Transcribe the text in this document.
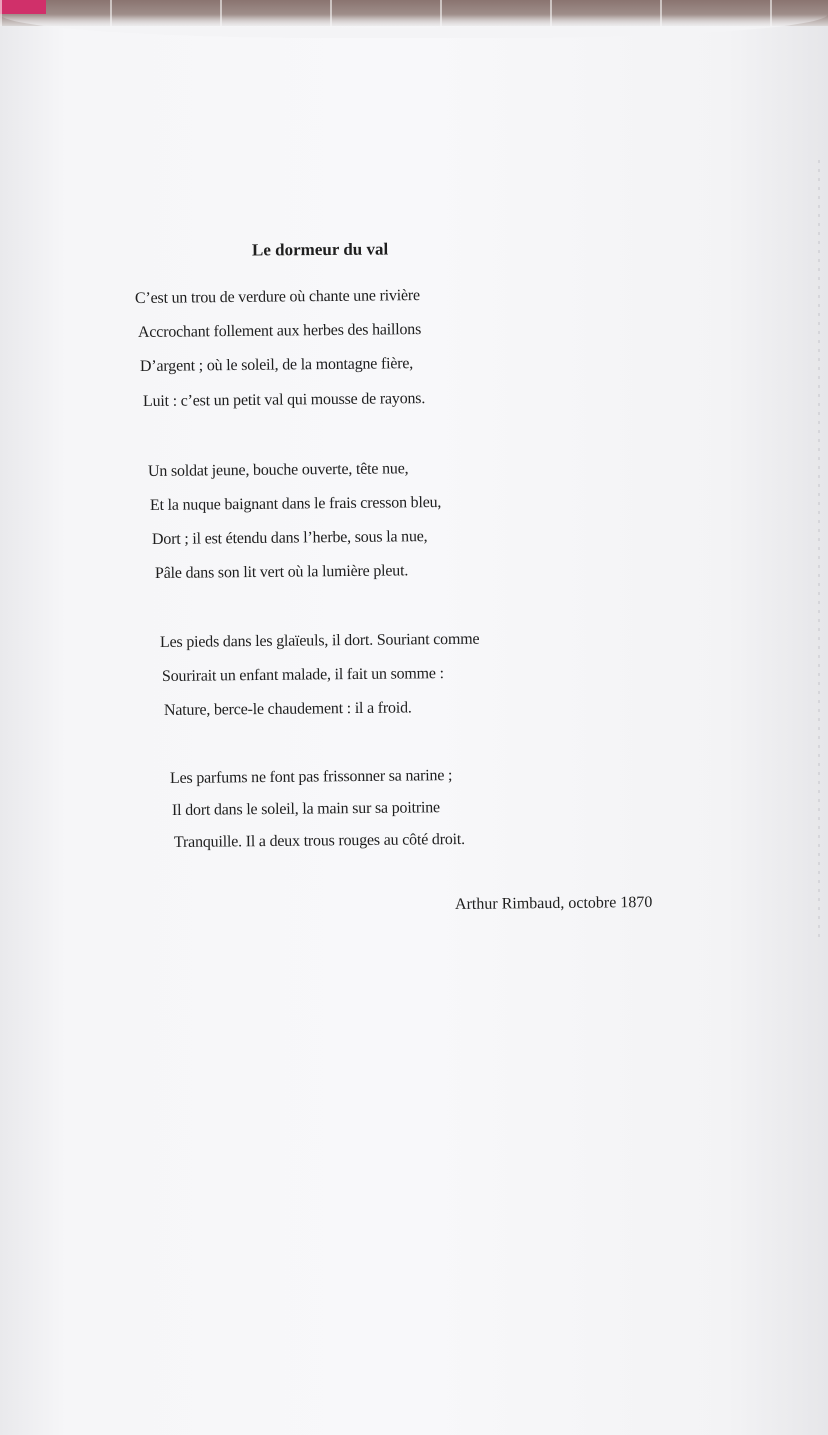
Le dormeur du val
C’est un trou de verdure où chante une rivière
Accrochant follement aux herbes des haillons
D’argent ; où le soleil, de la montagne fière,
Luit : c’est un petit val qui mousse de rayons.
Un soldat jeune, bouche ouverte, tête nue,
Et la nuque baignant dans le frais cresson bleu,
Dort ; il est étendu dans l’herbe, sous la nue,
Pâle dans son lit vert où la lumière pleut.
Les pieds dans les glaïeuls, il dort. Souriant comme
Sourirait un enfant malade, il fait un somme :
Nature, berce-le chaudement : il a froid.
Les parfums ne font pas frissonner sa narine ;
Il dort dans le soleil, la main sur sa poitrine
Tranquille. Il a deux trous rouges au côté droit.
Arthur Rimbaud, octobre 1870
